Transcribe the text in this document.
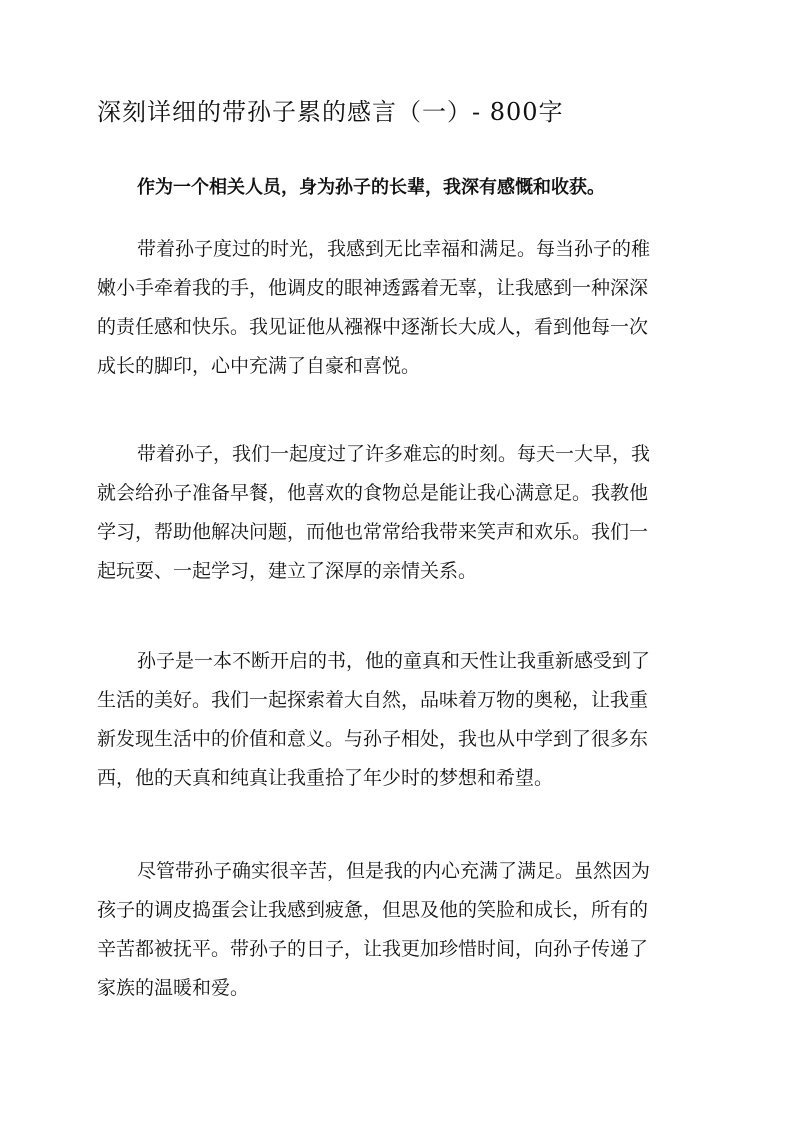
深刻详细的带孙子累的感言（一）- 800字

作为一个相关人员，身为孙子的长辈，我深有感慨和收获。

带着孙子度过的时光，我感到无比幸福和满足。每当孙子的稚
嫩小手牵着我的手，他调皮的眼神透露着无辜，让我感到一种深深
的责任感和快乐。我见证他从襁褓中逐渐长大成人，看到他每一次
成长的脚印，心中充满了自豪和喜悦。
带着孙子，我们一起度过了许多难忘的时刻。每天一大早，我
就会给孙子准备早餐，他喜欢的食物总是能让我心满意足。我教他
学习，帮助他解决问题，而他也常常给我带来笑声和欢乐。我们一
起玩耍、一起学习，建立了深厚的亲情关系。
孙子是一本不断开启的书，他的童真和天性让我重新感受到了
生活的美好。我们一起探索着大自然，品味着万物的奥秘，让我重
新发现生活中的价值和意义。与孙子相处，我也从中学到了很多东
西，他的天真和纯真让我重拾了年少时的梦想和希望。
尽管带孙子确实很辛苦，但是我的内心充满了满足。虽然因为
孩子的调皮捣蛋会让我感到疲惫，但思及他的笑脸和成长，所有的
辛苦都被抚平。带孙子的日子，让我更加珍惜时间，向孙子传递了
家族的温暖和爱。
